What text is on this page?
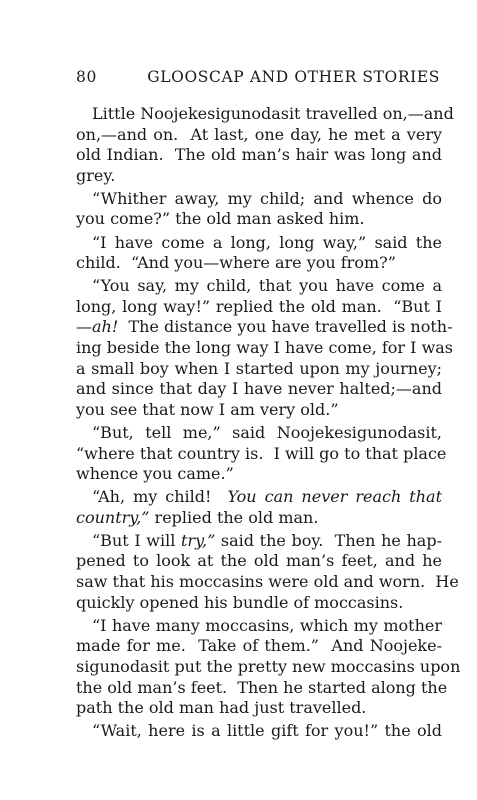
80	GLOOSCAP AND OTHER STORIES
Little Noojekesigunodasit travelled on,—and
on,—and on.  At last, one day, he met a very
old Indian.  The old man’s hair was long and
grey.
“Whither away, my child; and whence do
you come?” the old man asked him.
“I have come a long, long way,” said the
child.  “And you—where are you from?”
“You say, my child, that you have come a
long, long way!” replied the old man.  “But I
—ah!  The distance you have travelled is noth-
ing beside the long way I have come, for I was
a small boy when I started upon my journey;
and since that day I have never halted;—and
you see that now I am very old.”
“But, tell me,” said Noojekesigunodasit,
“where that country is.  I will go to that place
whence you came.”
“Ah, my child!  You can never reach that
country,” replied the old man.
“But I will try,” said the boy.  Then he hap-
pened to look at the old man’s feet, and he
saw that his moccasins were old and worn.  He
quickly opened his bundle of moccasins.
“I have many moccasins, which my mother
made for me.  Take of them.”  And Noojeke-
sigunodasit put the pretty new moccasins upon
the old man’s feet.  Then he started along the
path the old man had just travelled.
“Wait, here is a little gift for you!” the old
